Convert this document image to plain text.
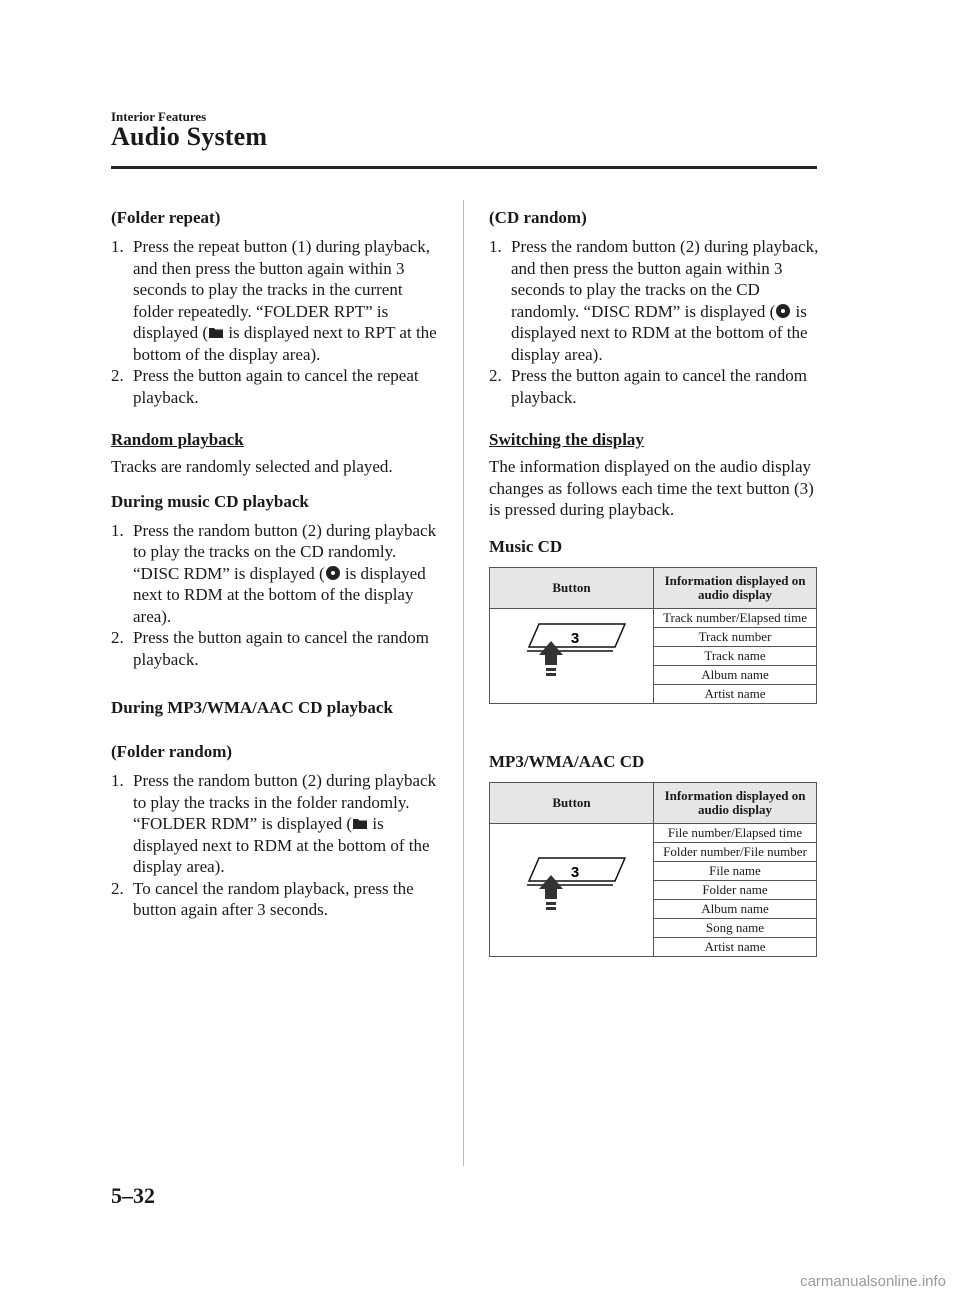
Interior Features
Audio System
(Folder repeat)
1. Press the repeat button (1) during playback, and then press the button again within 3 seconds to play the tracks in the current folder repeatedly. “FOLDER RPT” is displayed ( is displayed next to RPT at the bottom of the display area).
2. Press the button again to cancel the repeat playback.

Random playback

Tracks are randomly selected and played.

During music CD playback
1. Press the random button (2) during playback to play the tracks on the CD randomly. “DISC RDM” is displayed ( is displayed next to RDM at the bottom of the display area).
2. Press the button again to cancel the random playback.
During MP3/WMA/AAC CD playback
(Folder random)
1. Press the random button (2) during playback to play the tracks in the folder randomly. “FOLDER RDM” is displayed ( is displayed next to RDM at the bottom of the display area).
2. To cancel the random playback, press the button again after 3 seconds.
(CD random)
1. Press the random button (2) during playback, and then press the button again within 3 seconds to play the tracks on the CD randomly. “DISC RDM” is displayed ( is displayed next to RDM at the bottom of the display area).
2. Press the button again to cancel the random playback.

Switching the display

The information displayed on the audio display changes as follows each time the text button (3) is pressed during playback.

Music CD
Button	Information displayed on audio display

3	Track number/Elapsed time
	Track number
	Track name
	Album name
	Artist name
MP3/WMA/AAC CD
Button	Information displayed on audio display

3	File number/Elapsed time
	Folder number/File number
	File name
	Folder name
	Album name
	Song name
	Artist name
5–32
carmanualsonline.info
